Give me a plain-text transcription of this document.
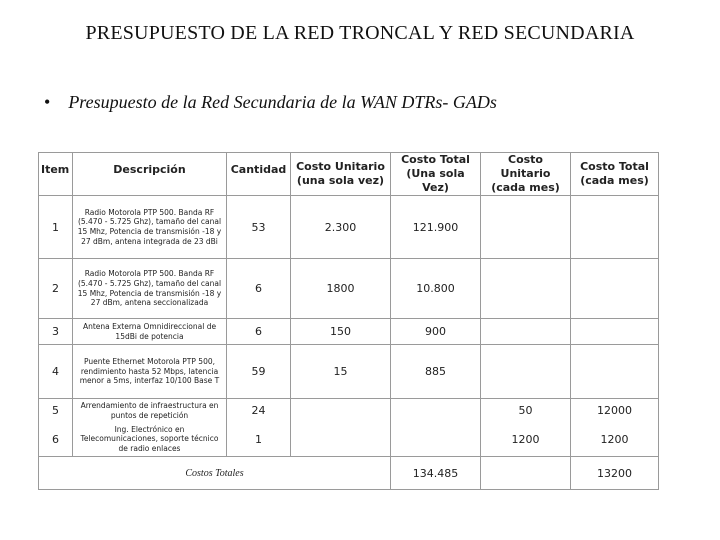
PRESUPUESTO DE LA RED TRONCAL Y RED SECUNDARIA
• Presupuesto de la Red Secundaria de la WAN DTRs- GADs
Item	Descripción	Cantidad	Costo Unitario (una sola vez)	Costo Total (Una sola Vez)	Costo Unitario (cada mes)	Costo Total (cada mes)
1	Radio Motorola PTP 500. Banda RF (5.470 - 5.725 Ghz), tamaño del canal 15 Mhz, Potencia de transmisión -18 y 27 dBm, antena integrada de 23 dBi	53	2.300	121.900		
2	Radio Motorola PTP 500. Banda RF (5.470 - 5.725 Ghz), tamaño del canal 15 Mhz, Potencia de transmisión -18 y 27 dBm, antena seccionalizada	6	1800	10.800		
3	Antena Externa Omnidireccional de 15dBi de potencia	6	150	900		
4	Puente Ethernet Motorola PTP 500, rendimiento hasta 52 Mbps, latencia menor a 5ms, interfaz 10/100 Base T	59	15	885		
5	Arrendamiento de infraestructura en puntos de repetición	24			50	12000
6	Ing. Electrónico en Telecomunicaciones, soporte técnico de radio enlaces	1			1200	1200
Costos Totales				134.485		13200
